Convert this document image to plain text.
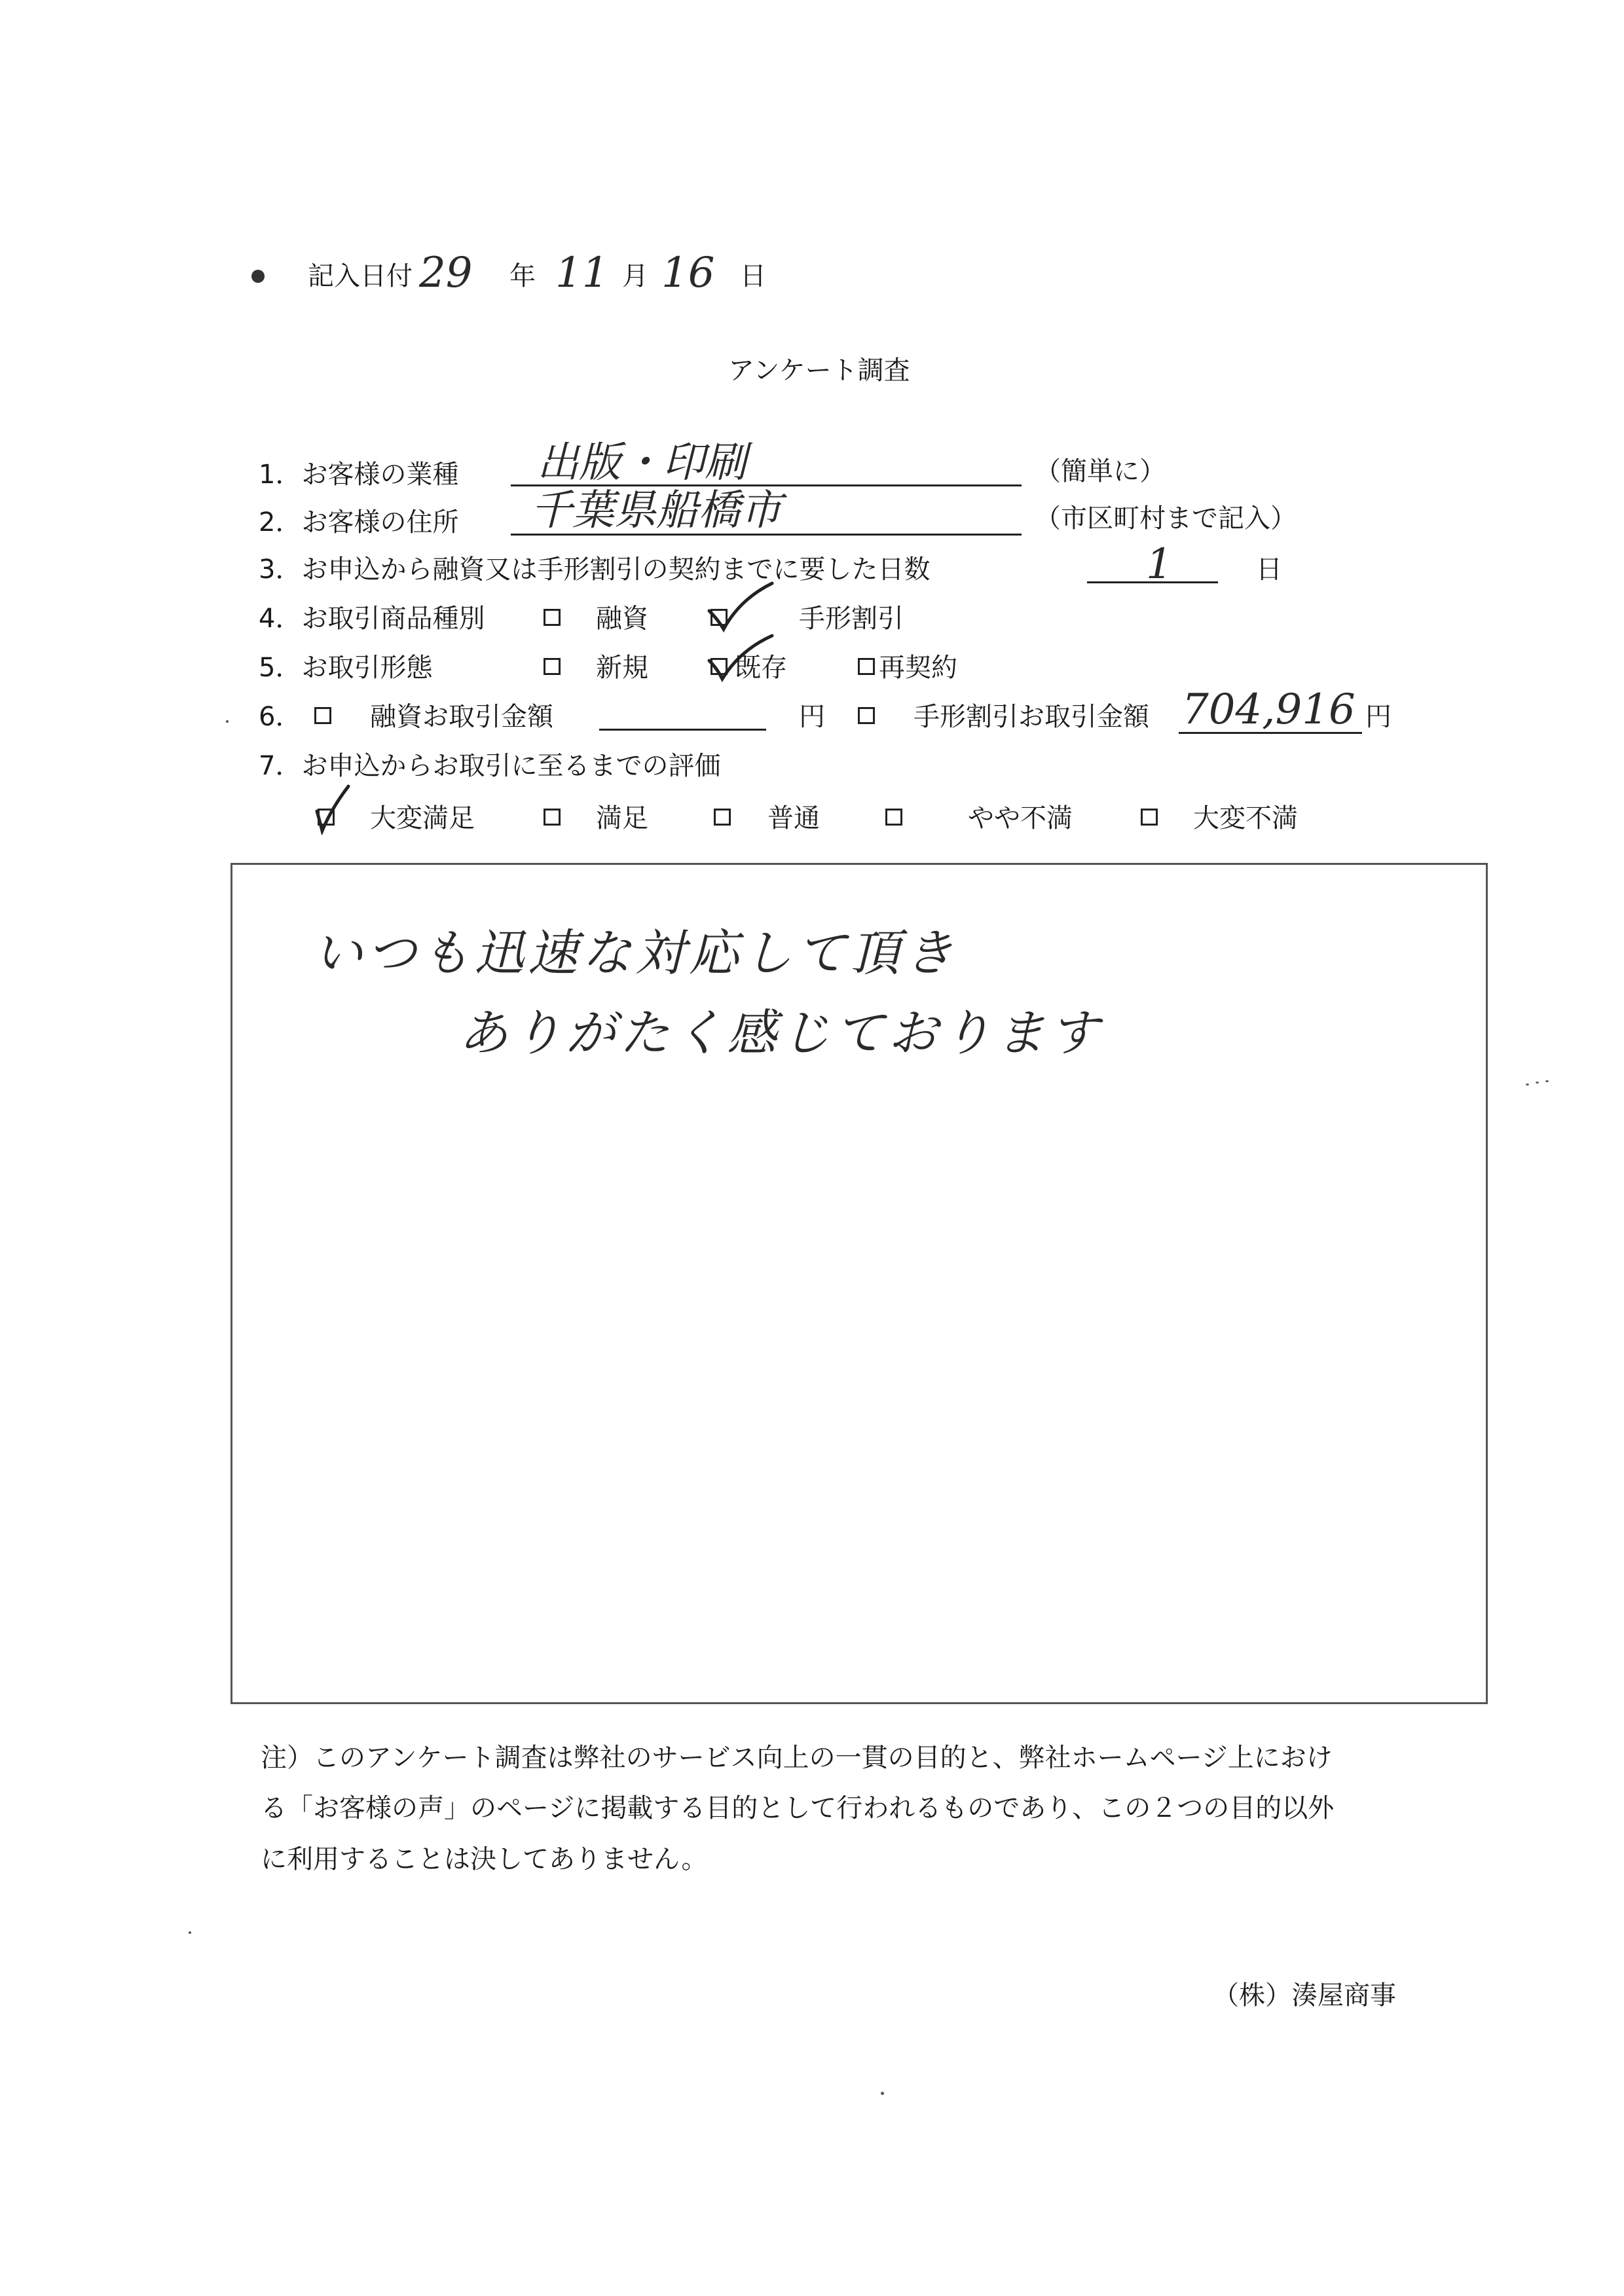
記入日付 29 年 11 月 16 日
アンケート調査
1．お客様の業種 出版・印刷	（簡単に）
2．お客様の住所 千葉県船橋市	（市区町村まで記入）
3．お申込から融資又は手形割引の契約までに要した日数	1	日
4．お取引商品種別	融資	手形割引
5．お取引形態	新規	既存	再契約
6．	融資お取引金額	円	手形割引お取引金額 704,916 円
7．お申込からお取引に至るまでの評価
大変満足	満足	普通	やや不満	大変不満
いつも迅速な対応して頂き
ありがたく感じております
注）このアンケート調査は弊社のサービス向上の一貫の目的と、弊社ホームページ上におけ
る「お客様の声」のページに掲載する目的として行われるものであり、この２つの目的以外
に利用することは決してありません。
（株）湊屋商事
